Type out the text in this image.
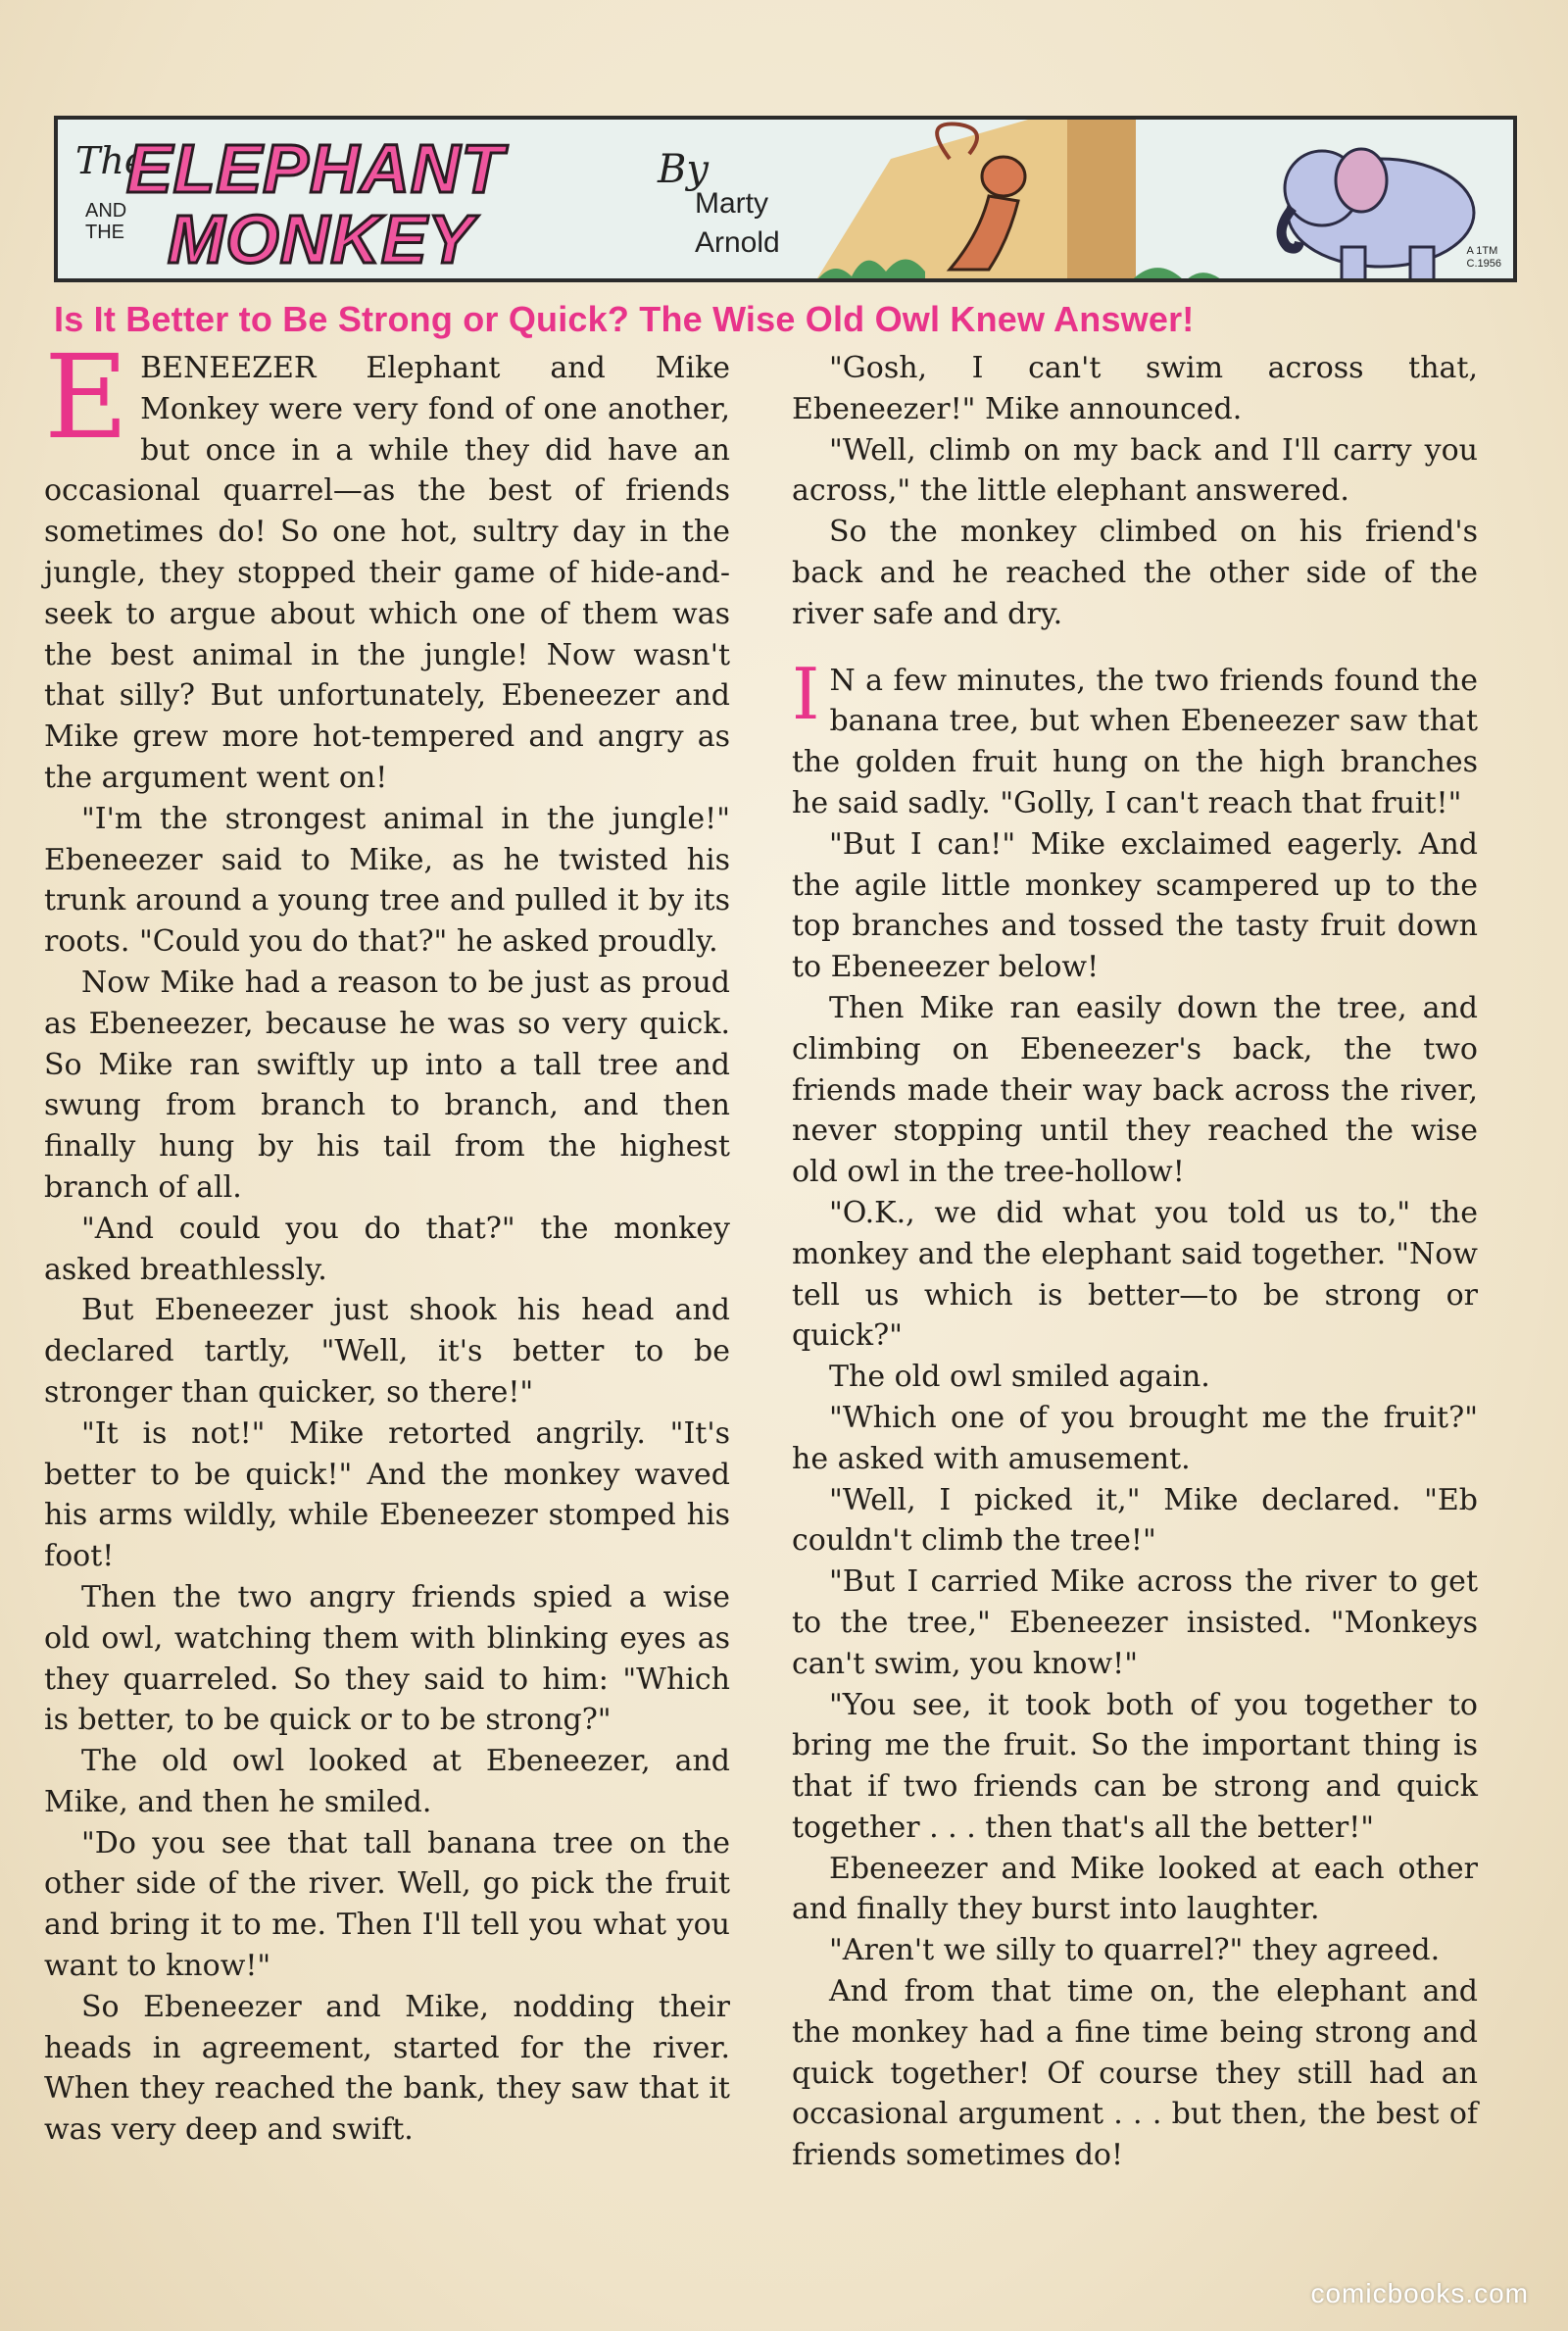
The
ELEPHANT
AND
THE MONKEY
By
Marty
Arnold	A 1TM
C.1956
Is It Better to Be Strong or Quick? The Wise Old Owl Knew Answer!

EBENEEZER Elephant and Mike Monkey were very fond of one another, but once in a while they did have an occasional quarrel—as the best of friends sometimes do! So one hot, sultry day in the jungle, they stopped their game of hide-and-seek to argue about which one of them was the best animal in the jungle! Now wasn't that silly? But unfortunately, Ebeneezer and Mike grew more hot-tempered and angry as the argument went on!

"I'm the strongest animal in the jungle!" Ebeneezer said to Mike, as he twisted his trunk around a young tree and pulled it by its roots. "Could you do that?" he asked proudly.

Now Mike had a reason to be just as proud as Ebeneezer, because he was so very quick. So Mike ran swiftly up into a tall tree and swung from branch to branch, and then finally hung by his tail from the highest branch of all.

"And could you do that?" the monkey asked breathlessly.

But Ebeneezer just shook his head and declared tartly, "Well, it's better to be stronger than quicker, so there!"

"It is not!" Mike retorted angrily. "It's better to be quick!" And the monkey waved his arms wildly, while Ebeneezer stomped his foot!

Then the two angry friends spied a wise old owl, watching them with blinking eyes as they quarreled. So they said to him: "Which is better, to be quick or to be strong?"

The old owl looked at Ebeneezer, and Mike, and then he smiled.

"Do you see that tall banana tree on the other side of the river. Well, go pick the fruit and bring it to me. Then I'll tell you what you want to know!"

So Ebeneezer and Mike, nodding their heads in agreement, started for the river. When they reached the bank, they saw that it was very deep and swift.

"Gosh, I can't swim across that, Ebeneezer!" Mike announced.

"Well, climb on my back and I'll carry you across," the little elephant answered.

So the monkey climbed on his friend's back and he reached the other side of the river safe and dry.

I N a few minutes, the two friends found the banana tree, but when Ebeneezer saw that the golden fruit hung on the high branches he said sadly. "Golly, I can't reach that fruit!"

"But I can!" Mike exclaimed eagerly. And the agile little monkey scampered up to the top branches and tossed the tasty fruit down to Ebeneezer below!

Then Mike ran easily down the tree, and climbing on Ebeneezer's back, the two friends made their way back across the river, never stopping until they reached the wise old owl in the tree-hollow!

"O.K., we did what you told us to," the monkey and the elephant said together. "Now tell us which is better—to be strong or quick?"

The old owl smiled again.

"Which one of you brought me the fruit?" he asked with amusement.

"Well, I picked it," Mike declared. "Eb couldn't climb the tree!"

"But I carried Mike across the river to get to the tree," Ebeneezer insisted. "Monkeys can't swim, you know!"

"You see, it took both of you together to bring me the fruit. So the important thing is that if two friends can be strong and quick together . . . then that's all the better!"

Ebeneezer and Mike looked at each other and finally they burst into laughter.

"Aren't we silly to quarrel?" they agreed.

And from that time on, the elephant and the monkey had a fine time being strong and quick together! Of course they still had an occasional argument . . . but then, the best of friends sometimes do!

comicbooks.com
